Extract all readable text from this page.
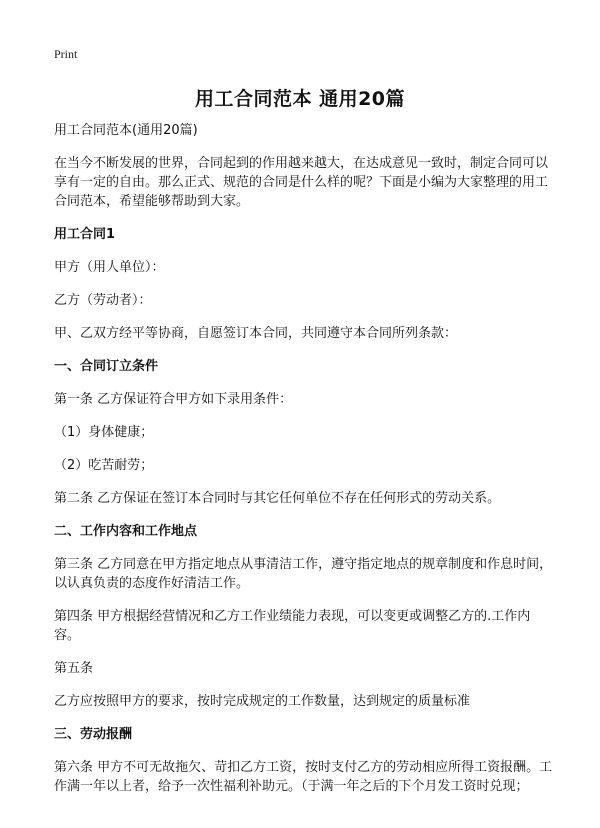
Print
用工合同范本 通用20篇

用工合同范本(通用20篇)

在当今不断发展的世界，合同起到的作用越来越大，在达成意见一致时，制定合同可以享有一定的自由。那么正式、规范的合同是什么样的呢？下面是小编为大家整理的用工合同范本，希望能够帮助到大家。

用工合同1

甲方（用人单位）：

乙方（劳动者）：

甲、乙双方经平等协商，自愿签订本合同，共同遵守本合同所列条款：

一、合同订立条件

第一条 乙方保证符合甲方如下录用条件：

（1）身体健康；

（2）吃苦耐劳；

第二条 乙方保证在签订本合同时与其它任何单位不存在任何形式的劳动关系。

二、工作内容和工作地点

第三条 乙方同意在甲方指定地点从事清洁工作，遵守指定地点的规章制度和作息时间，以认真负责的态度作好清洁工作。

第四条 甲方根据经营情况和乙方工作业绩能力表现，可以变更或调整乙方的.工作内容。

第五条

乙方应按照甲方的要求，按时完成规定的工作数量，达到规定的质量标准

三、劳动报酬

第六条 甲方不可无故拖欠、苛扣乙方工资，按时支付乙方的劳动相应所得工资报酬。工作满一年以上者，给予一次性福利补助元。（于满一年之后的下个月发工资时兑现；
